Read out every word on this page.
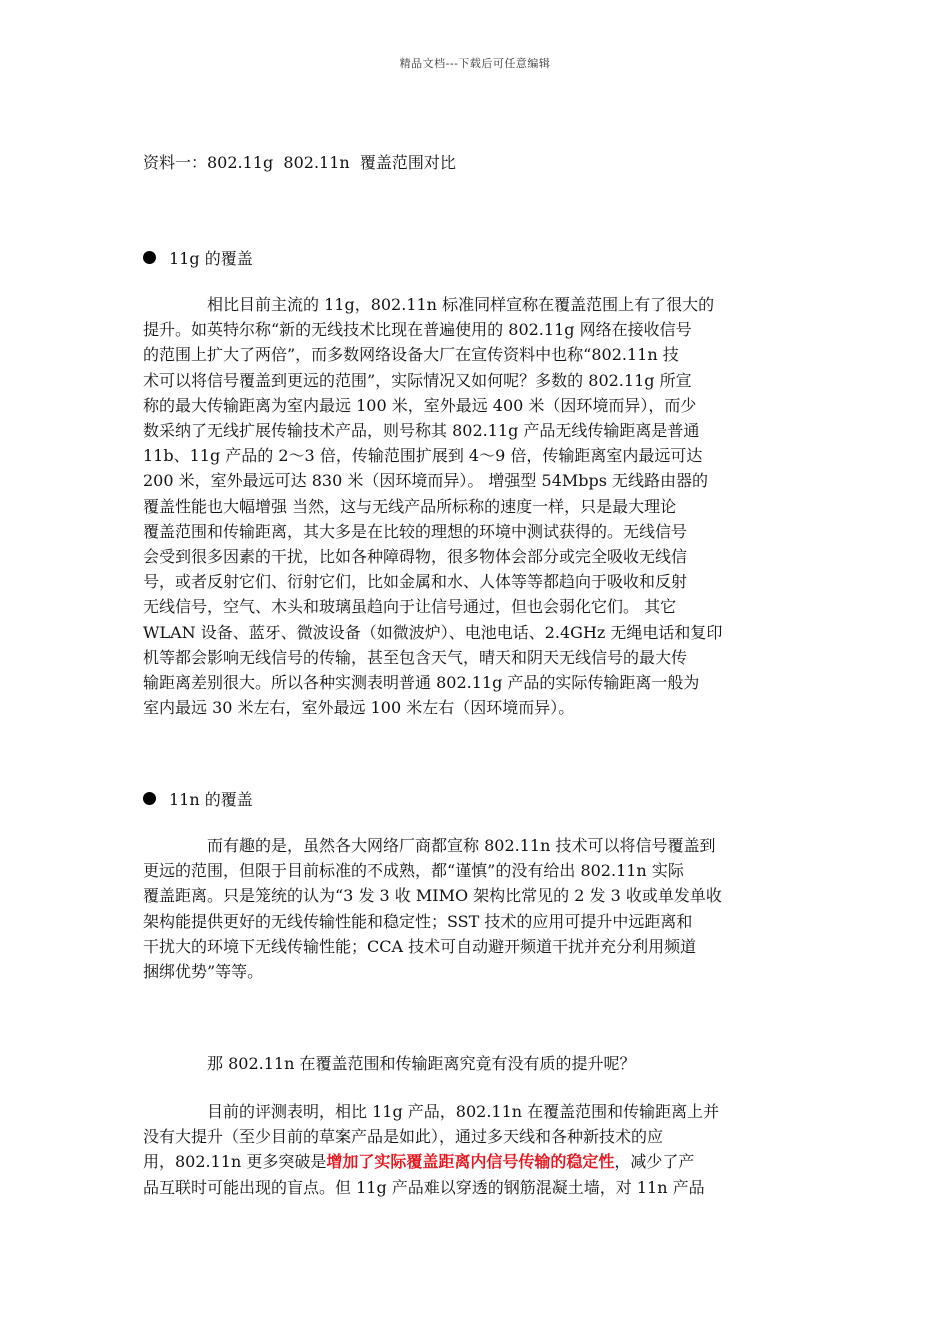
精品文档---下载后可任意编辑
资料一：802.11g  802.11n  覆盖范围对比
11g 的覆盖
相比目前主流的 11g，802.11n 标准同样宣称在覆盖范围上有了很大的
提升。如英特尔称“新的无线技术比现在普遍使用的 802.11g 网络在接收信号
的范围上扩大了两倍”，而多数网络设备大厂在宣传资料中也称“802.11n 技
术可以将信号覆盖到更远的范围”，实际情况又如何呢？多数的 802.11g 所宣
称的最大传输距离为室内最远 100 米，室外最远 400 米（因环境而异），而少
数采纳了无线扩展传输技术产品，则号称其 802.11g 产品无线传输距离是普通
11b、11g 产品的 2～3 倍，传输范围扩展到 4～9 倍，传输距离室内最远可达
200 米，室外最远可达 830 米（因环境而异）。 增强型 54Mbps 无线路由器的
覆盖性能也大幅增强 当然，这与无线产品所标称的速度一样，只是最大理论
覆盖范围和传输距离，其大多是在比较的理想的环境中测试获得的。无线信号
会受到很多因素的干扰，比如各种障碍物，很多物体会部分或完全吸收无线信
号，或者反射它们、衍射它们，比如金属和水、人体等等都趋向于吸收和反射
无线信号，空气、木头和玻璃虽趋向于让信号通过，但也会弱化它们。 其它
WLAN 设备、蓝牙、微波设备（如微波炉）、电池电话、2.4GHz 无绳电话和复印
机等都会影响无线信号的传输，甚至包含天气，晴天和阴天无线信号的最大传
输距离差别很大。所以各种实测表明普通 802.11g 产品的实际传输距离一般为
室内最远 30 米左右，室外最远 100 米左右（因环境而异）。
11n 的覆盖
而有趣的是，虽然各大网络厂商都宣称 802.11n 技术可以将信号覆盖到
更远的范围，但限于目前标准的不成熟，都“谨慎”的没有给出 802.11n 实际
覆盖距离。只是笼统的认为“3 发 3 收 MIMO 架构比常见的 2 发 3 收或单发单收
架构能提供更好的无线传输性能和稳定性；SST 技术的应用可提升中远距离和
干扰大的环境下无线传输性能；CCA 技术可自动避开频道干扰并充分利用频道
捆绑优势”等等。
那 802.11n 在覆盖范围和传输距离究竟有没有质的提升呢？
目前的评测表明，相比 11g 产品，802.11n 在覆盖范围和传输距离上并
没有大提升（至少目前的草案产品是如此），通过多天线和各种新技术的应
用，802.11n 更多突破是增加了实际覆盖距离内信号传输的稳定性，减少了产
品互联时可能出现的盲点。但 11g 产品难以穿透的钢筋混凝土墙，对 11n 产品
